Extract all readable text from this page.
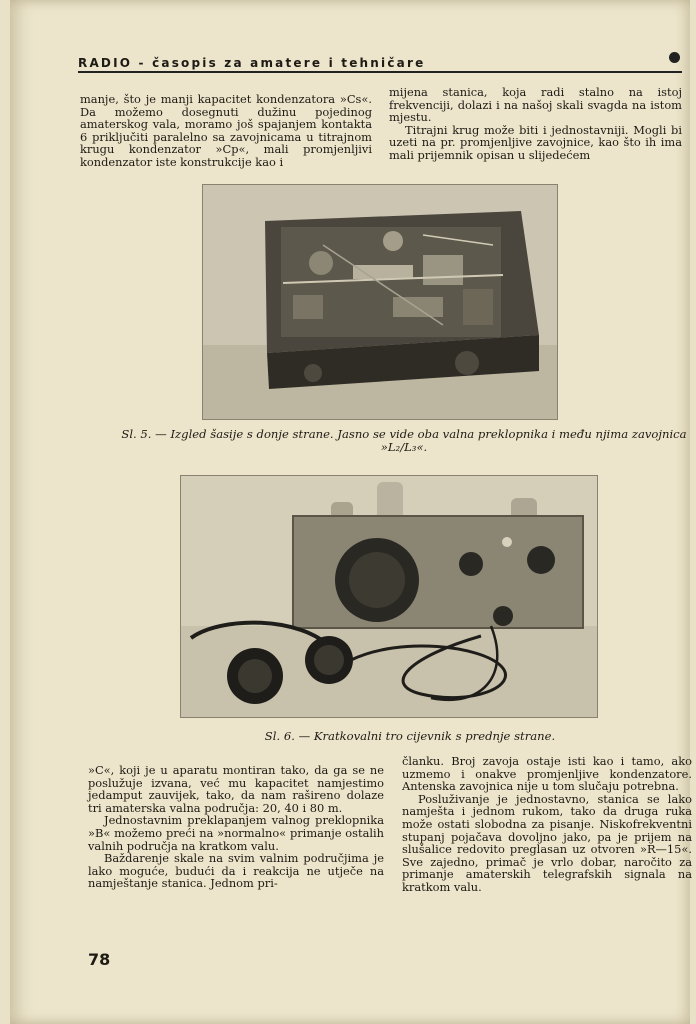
RADIO - časopis za amatere i tehničare

manje, što je manji kapacitet kondenzatora »Cs«. Da možemo dosegnuti dužinu pojedinog amaterskog vala, moramo još spajanjem kontakta 6 priključiti paralelno sa zavojnicama u titrajnom krugu kondenzator »Cp«, mali promjenljivi kondenzator iste konstrukcije kao i

mijena stanica, koja radi stalno na istoj frekvenciji, dolazi i na našoj skali svagda na istom mjestu.

Titrajni krug može biti i jednostavniji. Mogli bi uzeti na pr. promjenljive zavojnice, kao što ih ima mali prijemnik opisan u slijedećem

Sl. 5. — Izgled šasije s donje strane. Jasno se vide oba valna preklopnika i među njima zavojnica »L₂/L₃«.
Sl. 6. — Kratkovalni tro cijevnik s prednje strane.

»C«, koji je u aparatu montiran tako, da ga se ne poslužuje izvana, već mu kapacitet namjestimo jedamput zauvijek, tako, da nam rašireno dolaze tri amaterska valna područja: 20, 40 i 80 m.

Jednostavnim preklapanjem valnog preklopnika »B« možemo preći na »normalno« primanje ostalih valnih područja na kratkom valu.

Baždarenje skale na svim valnim područjima je lako moguće, budući da i reakcija ne utječe na namještanje stanica. Jednom pri-

članku. Broj zavoja ostaje isti kao i tamo, ako uzmemo i onakve promjenljive kondenzatore. Antenska zavojnica nije u tom slučaju potrebna.

Posluživanje je jednostavno, stanica se lako namješta i jednom rukom, tako da druga ruka može ostati slobodna za pisanje. Niskofrekventni stupanj pojačava dovoljno jako, pa je prijem na slušalice redovito preglasan uz otvoren »R—15«. Sve zajedno, primač je vrlo dobar, naročito za primanje amaterskih telegrafskih signala na kratkom valu.

78
